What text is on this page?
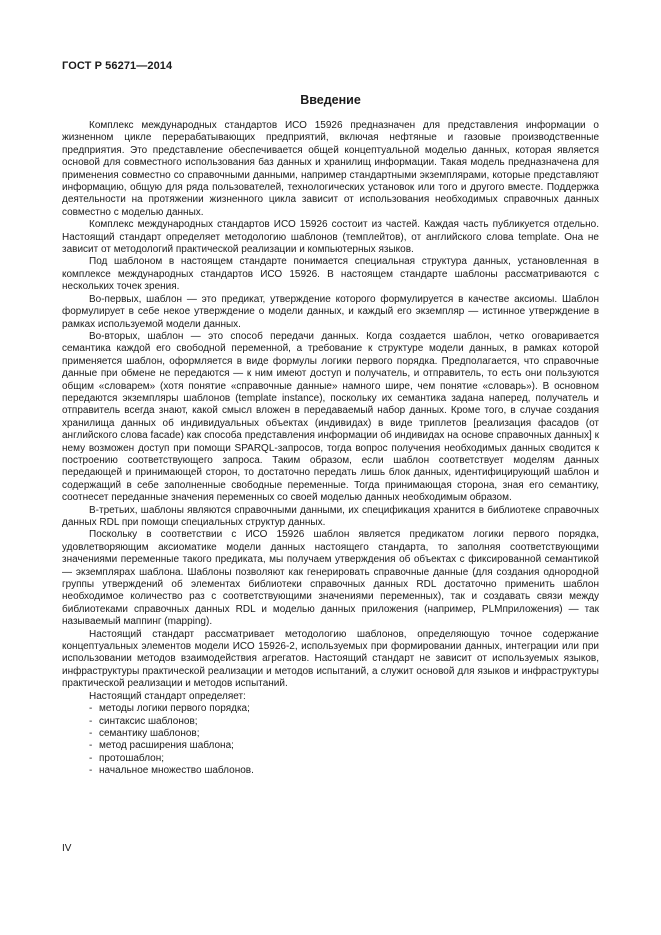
ГОСТ Р 56271—2014
Введение

Комплекс международных стандартов ИСО 15926 предназначен для представления информации о жизненном цикле перерабатывающих предприятий, включая нефтяные и газовые производственные предприятия. Это представление обеспечивается общей концептуальной моделью данных, которая является основой для совместного использования баз данных и хранилищ информации. Такая модель предназначена для применения совместно со справочными данными, например стандартными экземплярами, которые представляют информацию, общую для ряда пользователей, технологических установок или того и другого вместе. Поддержка деятельности на протяжении жизненного цикла зависит от использования необходимых справочных данных совместно с моделью данных.

Комплекс международных стандартов ИСО 15926 состоит из частей. Каждая часть публикуется отдельно. Настоящий стандарт определяет методологию шаблонов (темплейтов), от английского слова template. Она не зависит от методологий практической реализации и компьютерных языков.

Под шаблоном в настоящем стандарте понимается специальная структура данных, установленная в комплексе международных стандартов ИСО 15926. В настоящем стандарте шаблоны рассматриваются с нескольких точек зрения.

Во-первых, шаблон — это предикат, утверждение которого формулируется в качестве аксиомы. Шаблон формулирует в себе некое утверждение о модели данных, и каждый его экземпляр — истинное утверждение в рамках используемой модели данных.

Во-вторых, шаблон — это способ передачи данных. Когда создается шаблон, четко оговаривается семантика каждой его свободной переменной, а требование к структуре модели данных, в рамках которой применяется шаблон, оформляется в виде формулы логики первого порядка. Предполагается, что справочные данные при обмене не передаются — к ним имеют доступ и получатель, и отправитель, то есть они пользуются общим «словарем» (хотя понятие «справочные данные» намного шире, чем понятие «словарь»). В основном передаются экземпляры шаблонов (template instance), поскольку их семантика задана наперед, получатель и отправитель всегда знают, какой смысл вложен в передаваемый набор данных. Кроме того, в случае создания хранилища данных об индивидуальных объектах (индивидах) в виде триплетов [реализация фасадов (от английского слова facade) как способа представления информации об индивидах на основе справочных данных] к нему возможен доступ при помощи SPARQL-запросов, тогда вопрос получения необходимых данных сводится к построению соответствующего запроса. Таким образом, если шаблон соответствует моделям данных передающей и принимающей сторон, то достаточно передать лишь блок данных, идентифицирующий шаблон и содержащий в себе заполненные свободные переменные. Тогда принимающая сторона, зная его семантику, соотнесет переданные значения переменных со своей моделью данных необходимым образом.

В-третьих, шаблоны являются справочными данными, их спецификация хранится в библиотеке справочных данных RDL при помощи специальных структур данных.

Поскольку в соответствии с ИСО 15926 шаблон является предикатом логики первого порядка, удовлетворяющим аксиоматике модели данных настоящего стандарта, то заполняя соответствующими значениями переменные такого предиката, мы получаем утверждения об объектах с фиксированной семантикой — экземплярах шаблона. Шаблоны позволяют как генерировать справочные данные (для создания однородной группы утверждений об элементах библиотеки справочных данных RDL достаточно применить шаблон необходимое количество раз с соответствующими значениями переменных), так и создавать связи между библиотеками справочных данных RDL и моделью данных приложения (например, PLMприложения) — так называемый маппинг (mapping).

Настоящий стандарт рассматривает методологию шаблонов, определяющую точное содержание концептуальных элементов модели ИСО 15926-2, используемых при формировании данных, интеграции или при использовании методов взаимодействия агрегатов. Настоящий стандарт не зависит от используемых языков, инфраструктуры практической реализации и методов испытаний, а служит основой для языков и инфраструктуры практической реализации и методов испытаний.

Настоящий стандарт определяет:

- методы логики первого порядка;
- синтаксис шаблонов;
- семантику шаблонов;
- метод расширения шаблона;
- протошаблон;
- начальное множество шаблонов.
IV
